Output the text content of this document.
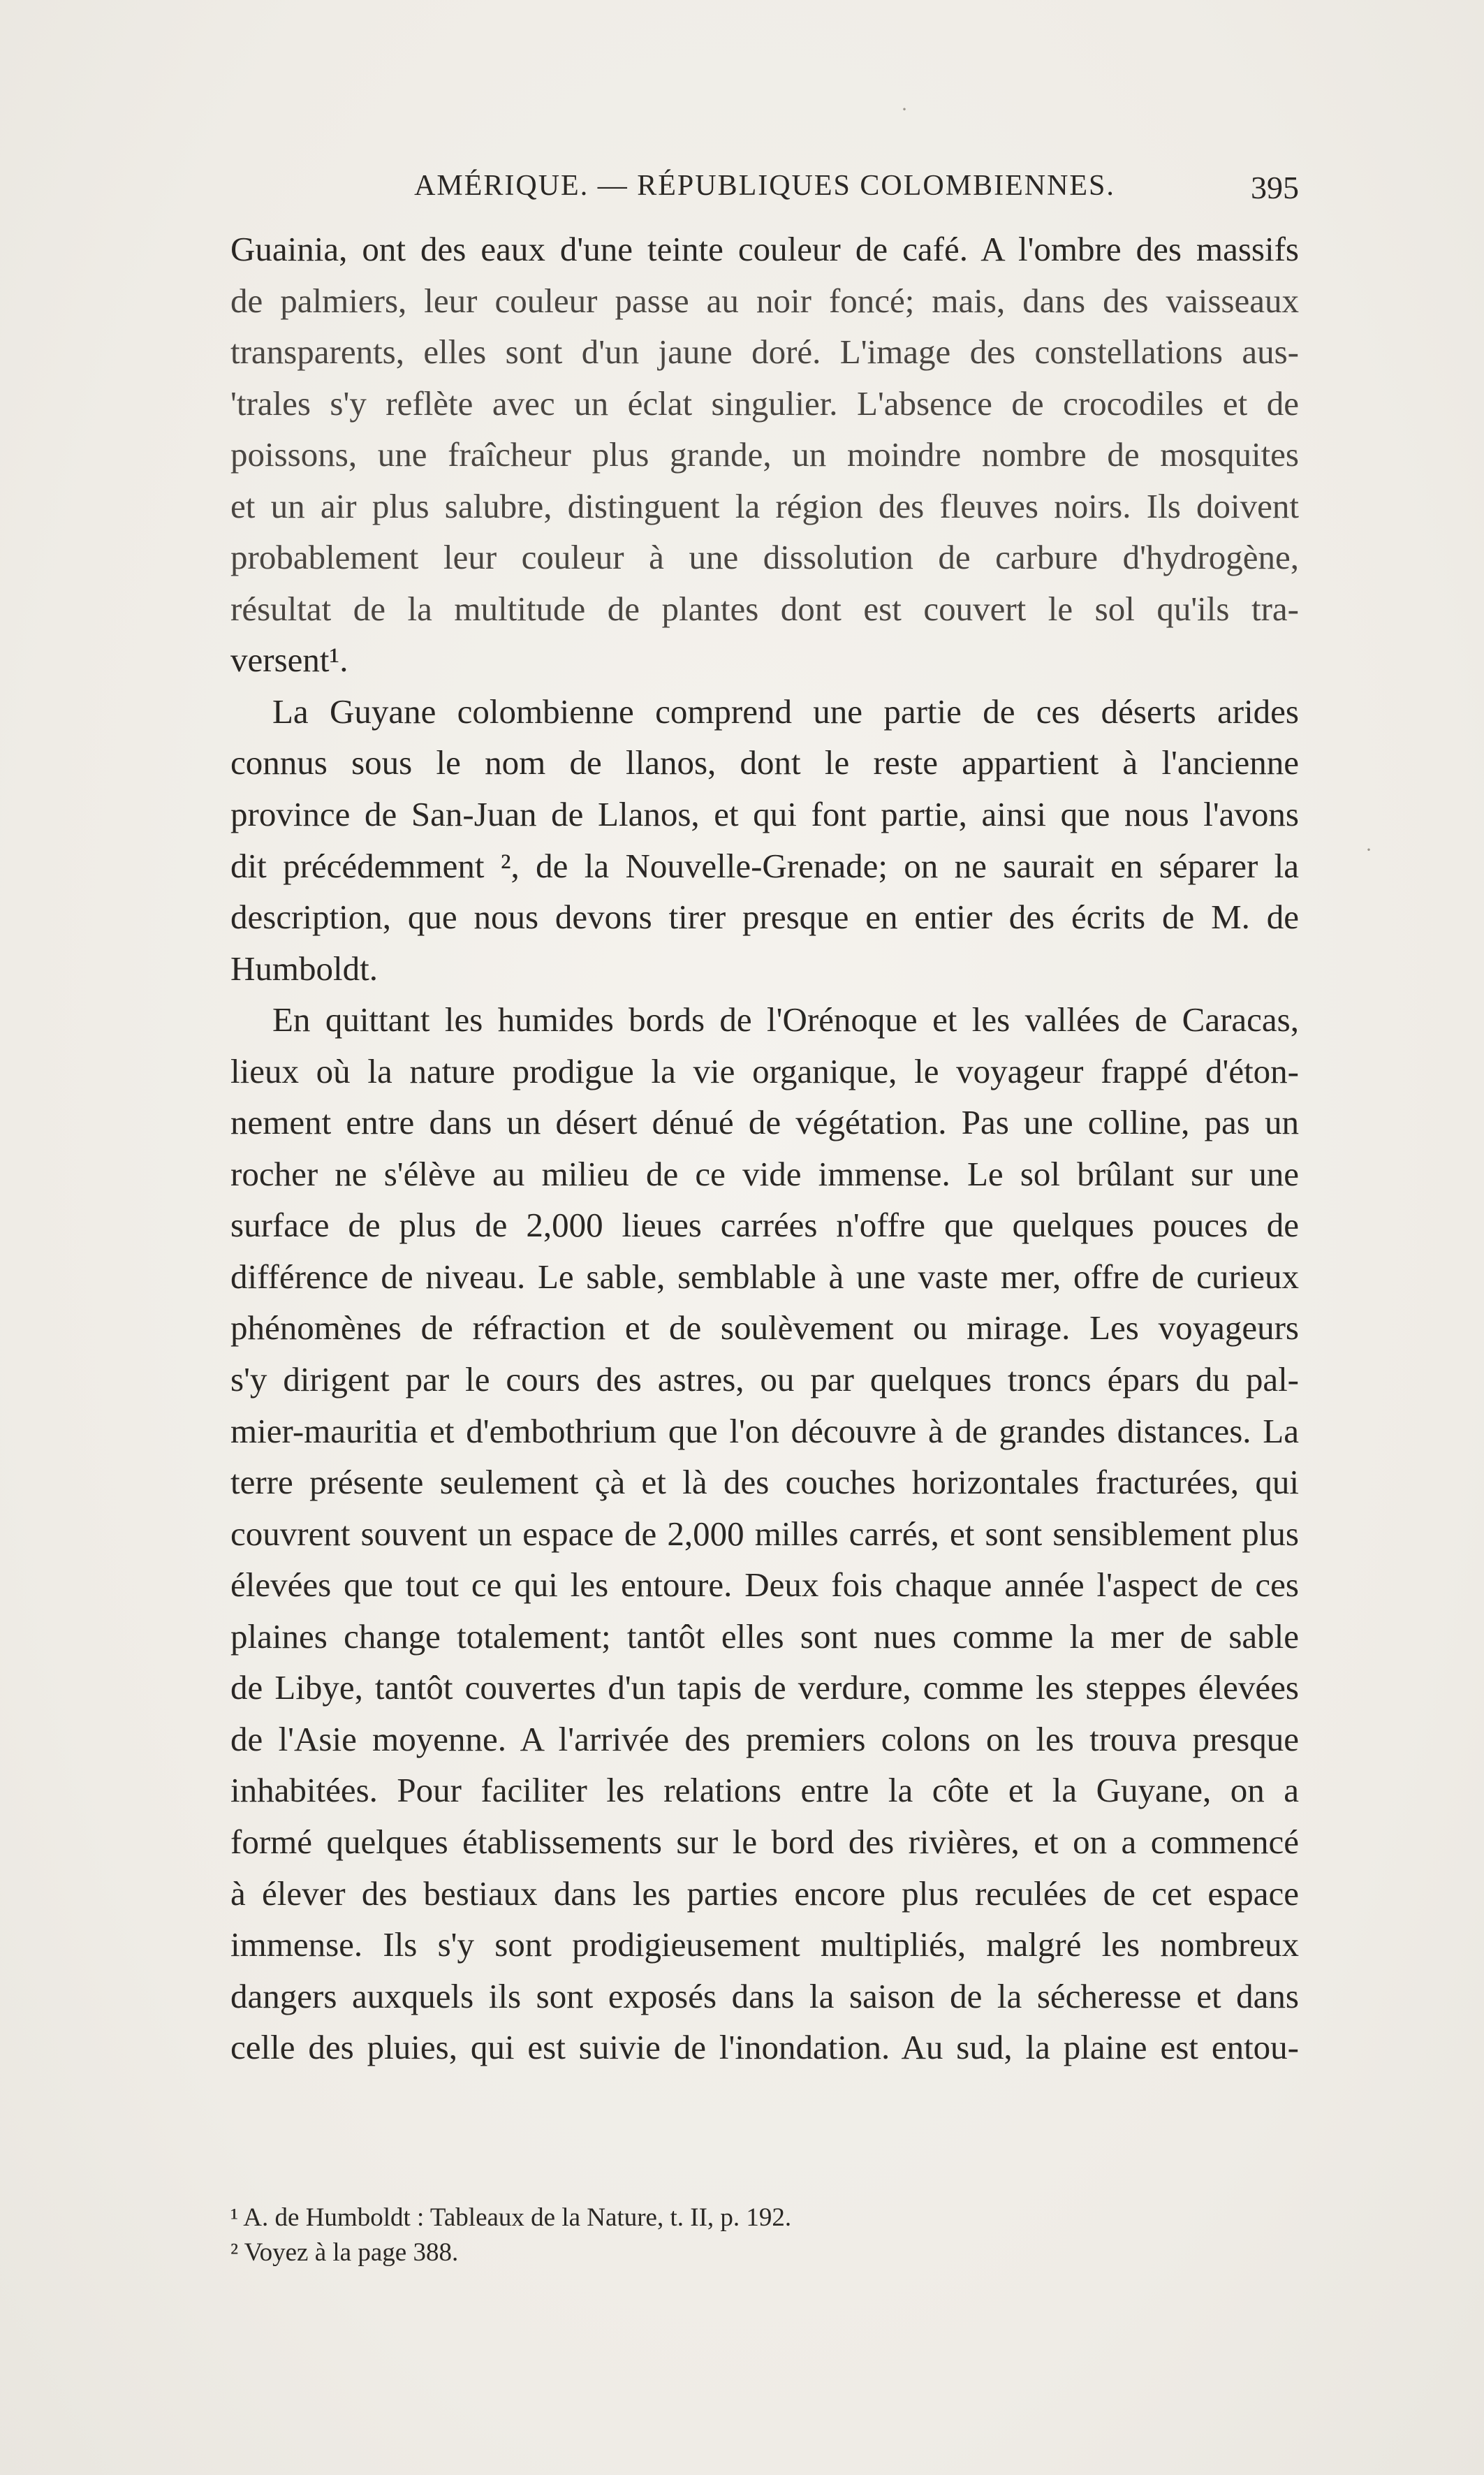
AMÉRIQUE. — RÉPUBLIQUES COLOMBIENNES.	395
Guainia, ont des eaux d'une teinte couleur de café. A l'ombre des massifs
de palmiers, leur couleur passe au noir foncé; mais, dans des vaisseaux
transparents, elles sont d'un jaune doré. L'image des constellations aus-
'trales s'y reflète avec un éclat singulier. L'absence de crocodiles et de
poissons, une fraîcheur plus grande, un moindre nombre de mosquites
et un air plus salubre, distinguent la région des fleuves noirs. Ils doivent
probablement leur couleur à une dissolution de carbure d'hydrogène,
résultat de la multitude de plantes dont est couvert le sol qu'ils tra-
versent¹.
La Guyane colombienne comprend une partie de ces déserts arides
connus sous le nom de llanos, dont le reste appartient à l'ancienne
province de San-Juan de Llanos, et qui font partie, ainsi que nous l'avons
dit précédemment ², de la Nouvelle-Grenade; on ne saurait en séparer la
description, que nous devons tirer presque en entier des écrits de M. de
Humboldt.
En quittant les humides bords de l'Orénoque et les vallées de Caracas,
lieux où la nature prodigue la vie organique, le voyageur frappé d'éton-
nement entre dans un désert dénué de végétation. Pas une colline, pas un
rocher ne s'élève au milieu de ce vide immense. Le sol brûlant sur une
surface de plus de 2,000 lieues carrées n'offre que quelques pouces de
différence de niveau. Le sable, semblable à une vaste mer, offre de curieux
phénomènes de réfraction et de soulèvement ou mirage. Les voyageurs
s'y dirigent par le cours des astres, ou par quelques troncs épars du pal-
mier-mauritia et d'embothrium que l'on découvre à de grandes distances. La
terre présente seulement çà et là des couches horizontales fracturées, qui
couvrent souvent un espace de 2,000 milles carrés, et sont sensiblement plus
élevées que tout ce qui les entoure. Deux fois chaque année l'aspect de ces
plaines change totalement; tantôt elles sont nues comme la mer de sable
de Libye, tantôt couvertes d'un tapis de verdure, comme les steppes élevées
de l'Asie moyenne. A l'arrivée des premiers colons on les trouva presque
inhabitées. Pour faciliter les relations entre la côte et la Guyane, on a
formé quelques établissements sur le bord des rivières, et on a commencé
à élever des bestiaux dans les parties encore plus reculées de cet espace
immense. Ils s'y sont prodigieusement multipliés, malgré les nombreux
dangers auxquels ils sont exposés dans la saison de la sécheresse et dans
celle des pluies, qui est suivie de l'inondation. Au sud, la plaine est entou-
¹ A. de Humboldt : Tableaux de la Nature, t. II, p. 192.
² Voyez à la page 388.
·
·
